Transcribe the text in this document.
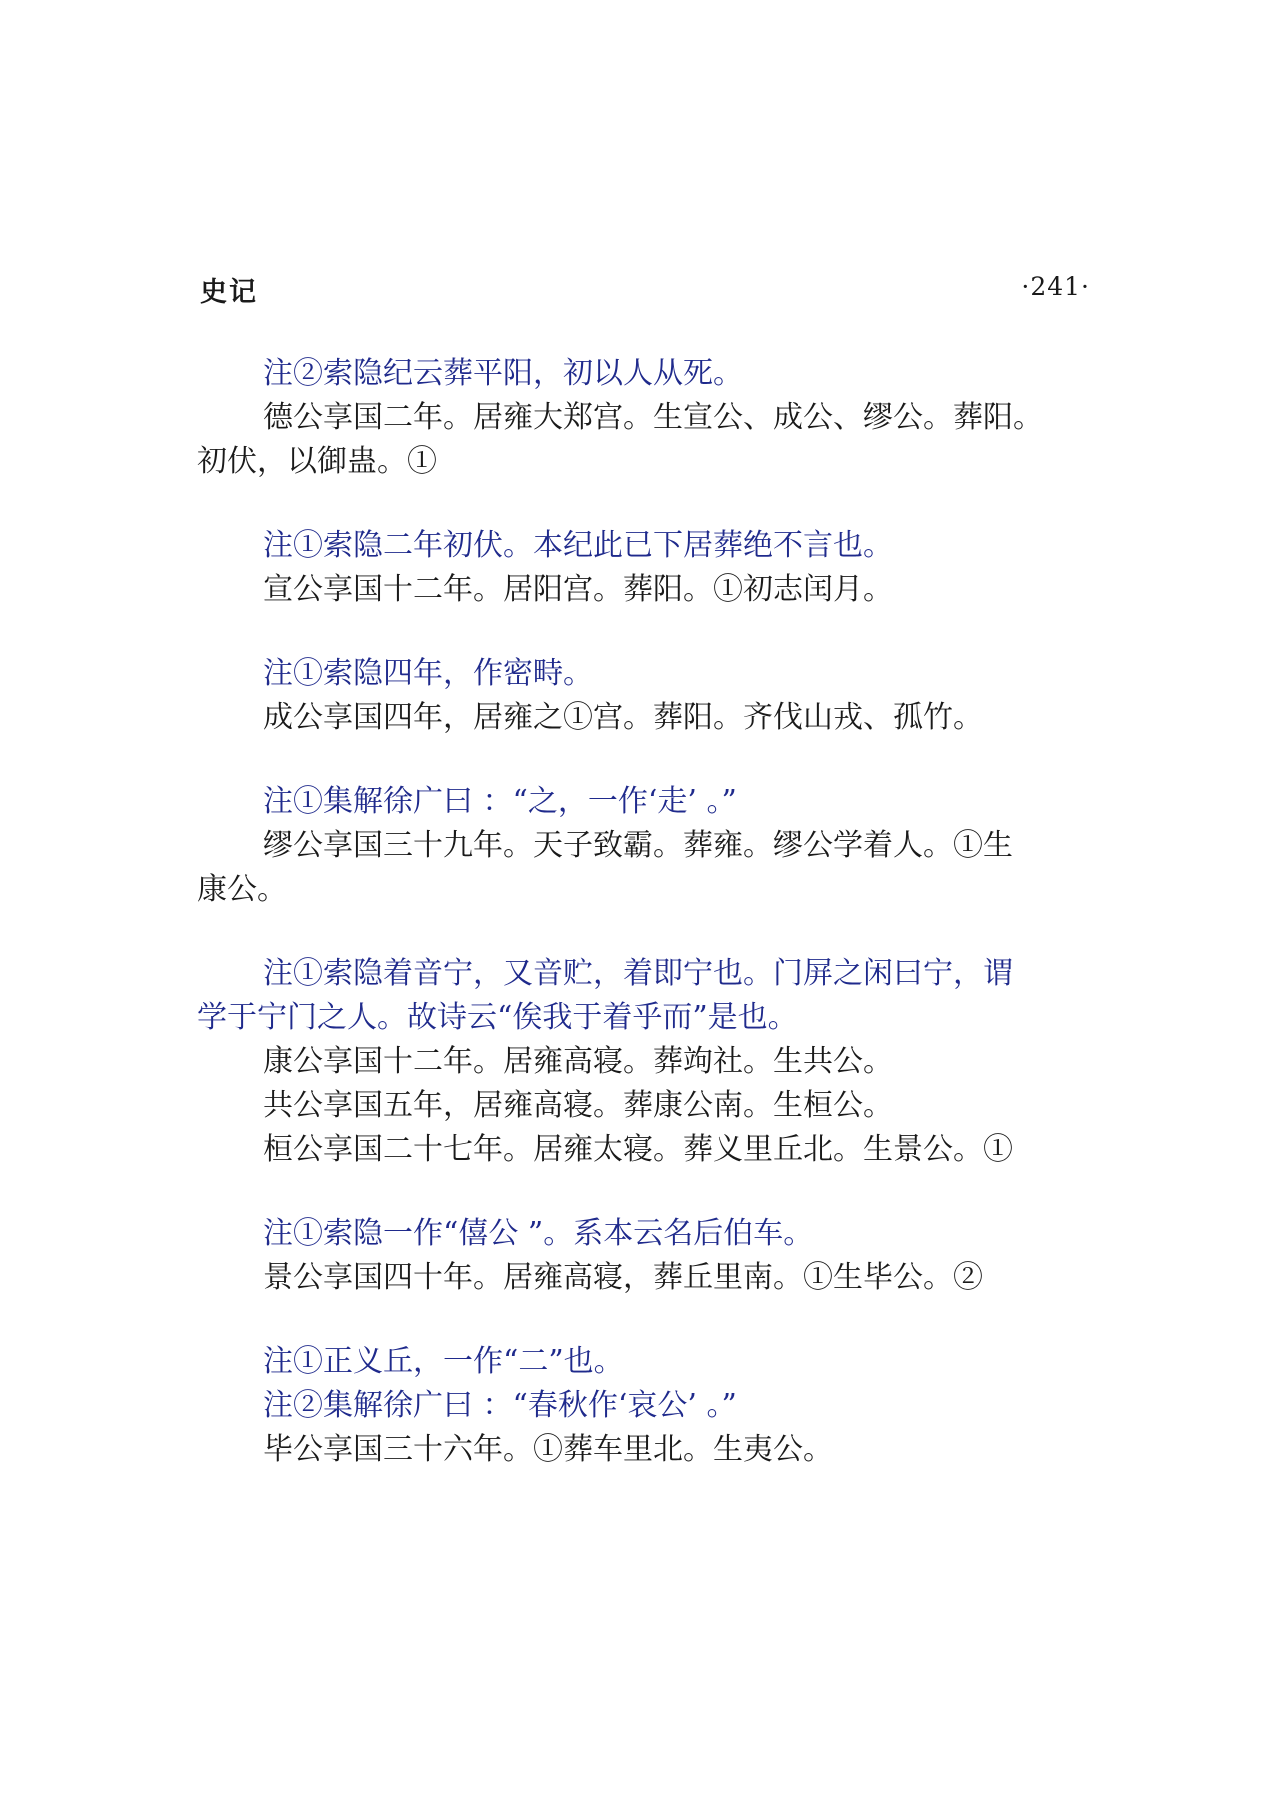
史记	·241·

注②索隐纪云葬平阳，初以人从死。

德公享国二年。居雍大郑宫。生宣公、成公、缪公。葬阳。

初伏，以御蛊。①

注①索隐二年初伏。本纪此已下居葬绝不言也。

宣公享国十二年。居阳宫。葬阳。①初志闰月。

注①索隐四年，作密畤。

成公享国四年，居雍之①宫。葬阳。齐伐山戎、孤竹。

注①集解徐广曰 ：“之，一作‘走’ 。”

缪公享国三十九年。天子致霸。葬雍。缪公学着人。①生

康公。

注①索隐着音宁，又音贮，着即宁也。门屏之闲曰宁，谓

学于宁门之人。故诗云“俟我于着乎而”是也。

康公享国十二年。居雍高寝。葬竘社。生共公。

共公享国五年，居雍高寝。葬康公南。生桓公。

桓公享国二十七年。居雍太寝。葬义里丘北。生景公。①

注①索隐一作“僖公 ”。系本云名后伯车。

景公享国四十年。居雍高寝，葬丘里南。①生毕公。②

注①正义丘，一作“二”也。

注②集解徐广曰 ：“春秋作‘哀公’ 。”

毕公享国三十六年。①葬车里北。生夷公。
